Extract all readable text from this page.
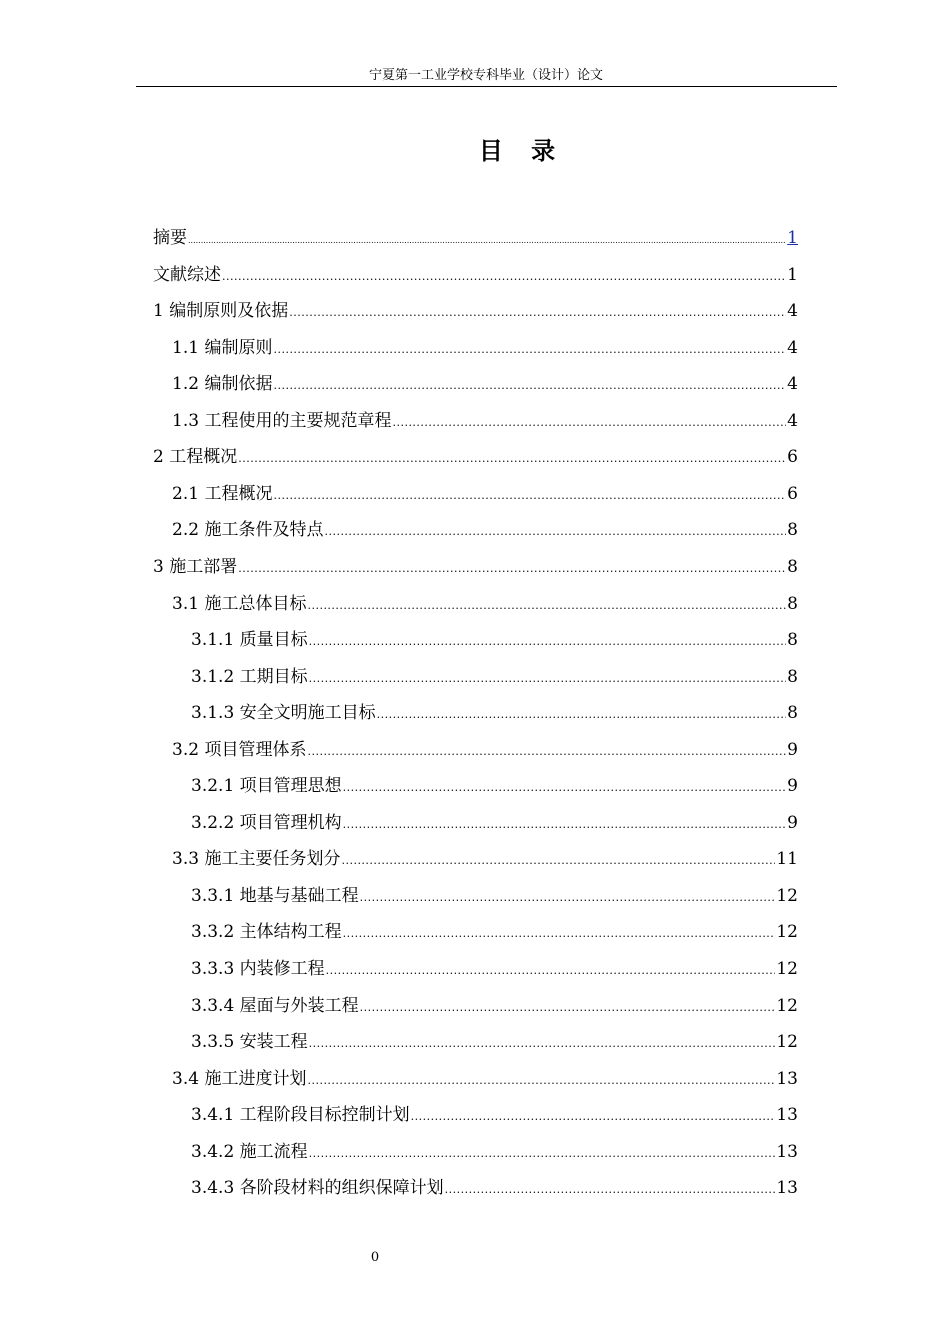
宁夏第一工业学校专科毕业（设计）论文
目 录
摘要 .....	1
文献综述 .....	1
1 编制原则及依据 .....	4
1.1 编制原则 .....	4
1.2 编制依据 .....	4
1.3 工程使用的主要规范章程 .....	4
2 工程概况 .....	6
2.1 工程概况 .....	6
2.2 施工条件及特点 .....	8
3 施工部署 .....	8
3.1 施工总体目标 .....	8
3.1.1 质量目标 .....	8
3.1.2 工期目标 .....	8
3.1.3 安全文明施工目标 .....	8
3.2 项目管理体系 .....	9
3.2.1 项目管理思想 .....	9
3.2.2 项目管理机构 .....	9
3.3 施工主要任务划分 .....	11
3.3.1 地基与基础工程 .....	12
3.3.2 主体结构工程 .....	12
3.3.3 内装修工程 .....	12
3.3.4 屋面与外装工程 .....	12
3.3.5 安装工程 .....	12
3.4 施工进度计划 .....	13
3.4.1 工程阶段目标控制计划 .....	13
3.4.2 施工流程 .....	13
3.4.3 各阶段材料的组织保障计划 .....	13
0
